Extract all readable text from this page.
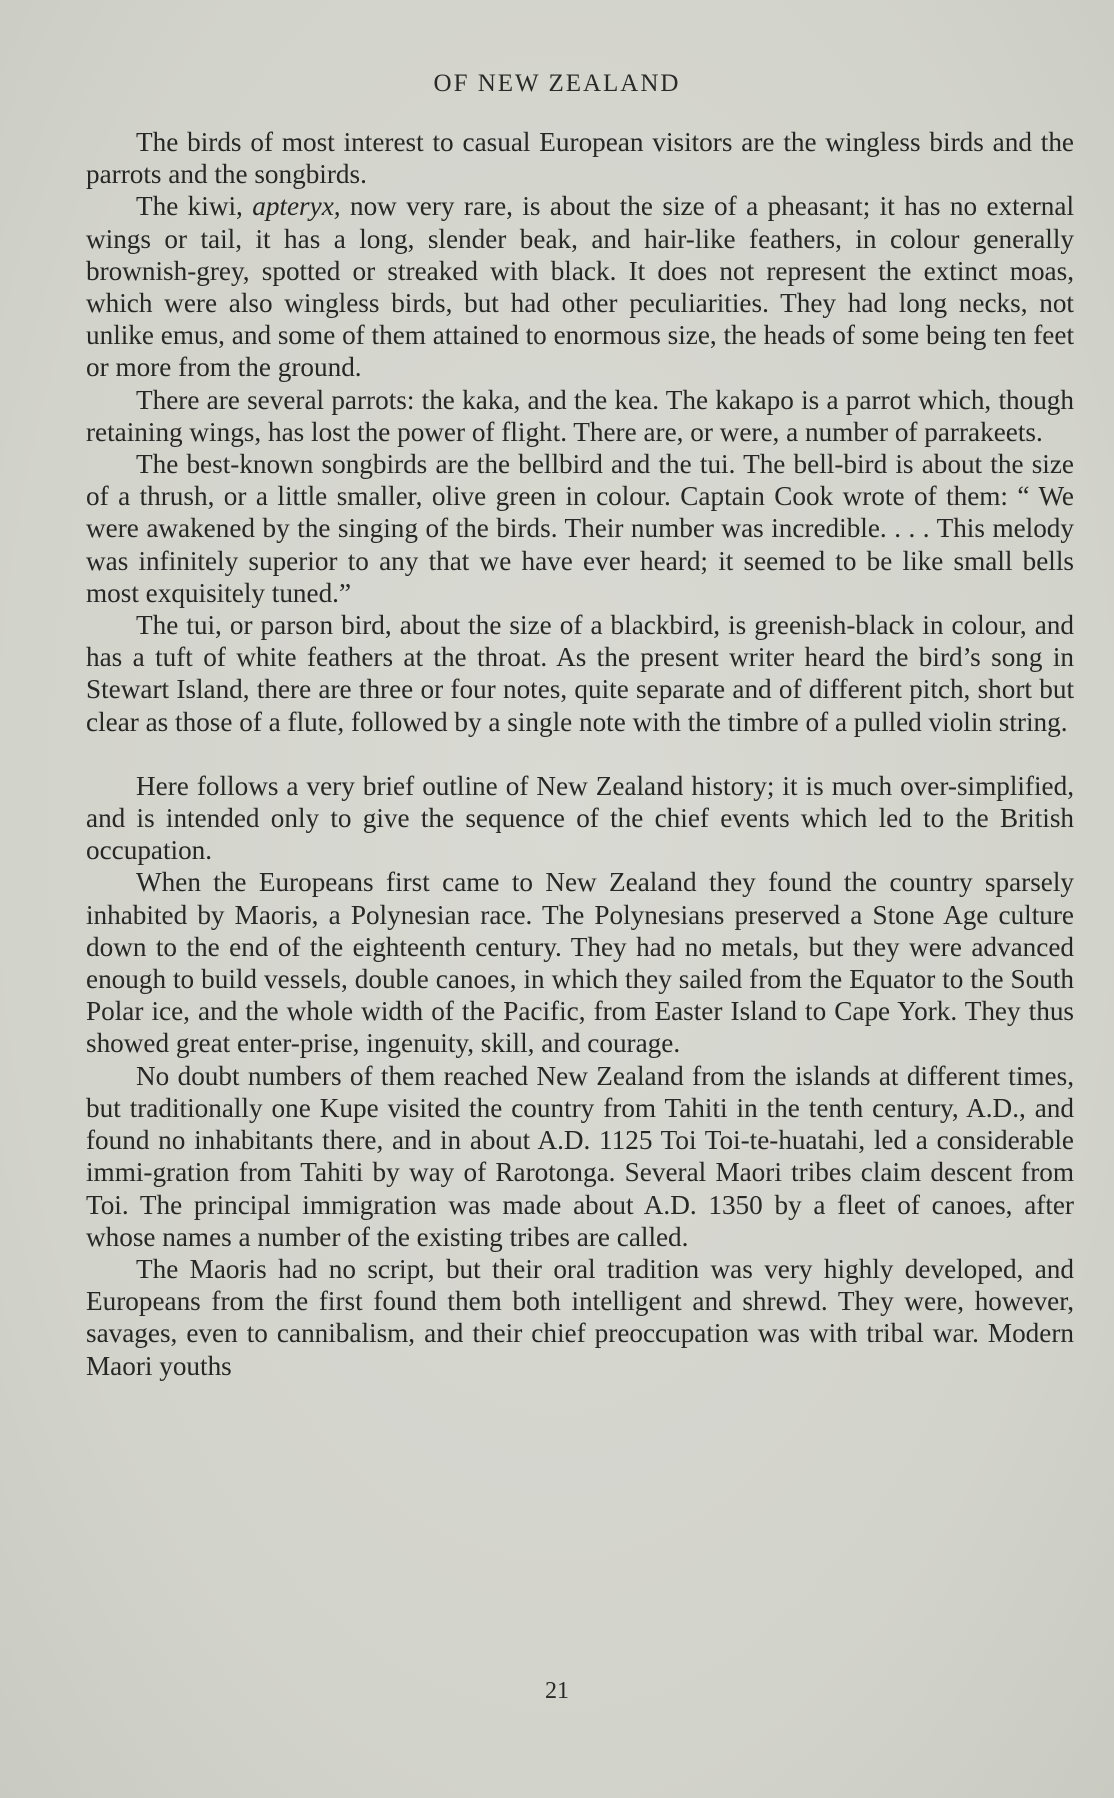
OF NEW ZEALAND

The birds of most interest to casual European visitors are the wingless birds and the parrots and the songbirds.

The kiwi, apteryx, now very rare, is about the size of a pheasant; it has no external wings or tail, it has a long, slender beak, and hair-like feathers, in colour generally brownish-grey, spotted or streaked with black. It does not represent the extinct moas, which were also wingless birds, but had other peculiarities. They had long necks, not unlike emus, and some of them attained to enormous size, the heads of some being ten feet or more from the ground.

There are several parrots: the kaka, and the kea. The kakapo is a parrot which, though retaining wings, has lost the power of flight. There are, or were, a number of parrakeets.

The best-known songbirds are the bellbird and the tui. The bell-bird is about the size of a thrush, or a little smaller, olive green in colour. Captain Cook wrote of them: “ We were awakened by the singing of the birds. Their number was incredible. . . . This melody was infinitely superior to any that we have ever heard; it seemed to be like small bells most exquisitely tuned.”

The tui, or parson bird, about the size of a blackbird, is greenish-black in colour, and has a tuft of white feathers at the throat. As the present writer heard the bird’s song in Stewart Island, there are three or four notes, quite separate and of different pitch, short but clear as those of a flute, followed by a single note with the timbre of a pulled violin string.

Here follows a very brief outline of New Zealand history; it is much over-simplified, and is intended only to give the sequence of the chief events which led to the British occupation.

When the Europeans first came to New Zealand they found the country sparsely inhabited by Maoris, a Polynesian race. The Polynesians preserved a Stone Age culture down to the end of the eighteenth century. They had no metals, but they were advanced enough to build vessels, double canoes, in which they sailed from the Equator to the South Polar ice, and the whole width of the Pacific, from Easter Island to Cape York. They thus showed great enter-prise, ingenuity, skill, and courage.

No doubt numbers of them reached New Zealand from the islands at different times, but traditionally one Kupe visited the country from Tahiti in the tenth century, A.D., and found no inhabitants there, and in about A.D. 1125 Toi Toi-te-huatahi, led a considerable immi-gration from Tahiti by way of Rarotonga. Several Maori tribes claim descent from Toi. The principal immigration was made about A.D. 1350 by a fleet of canoes, after whose names a number of the existing tribes are called.

The Maoris had no script, but their oral tradition was very highly developed, and Europeans from the first found them both intelligent and shrewd. They were, however, savages, even to cannibalism, and their chief preoccupation was with tribal war. Modern Maori youths

21
